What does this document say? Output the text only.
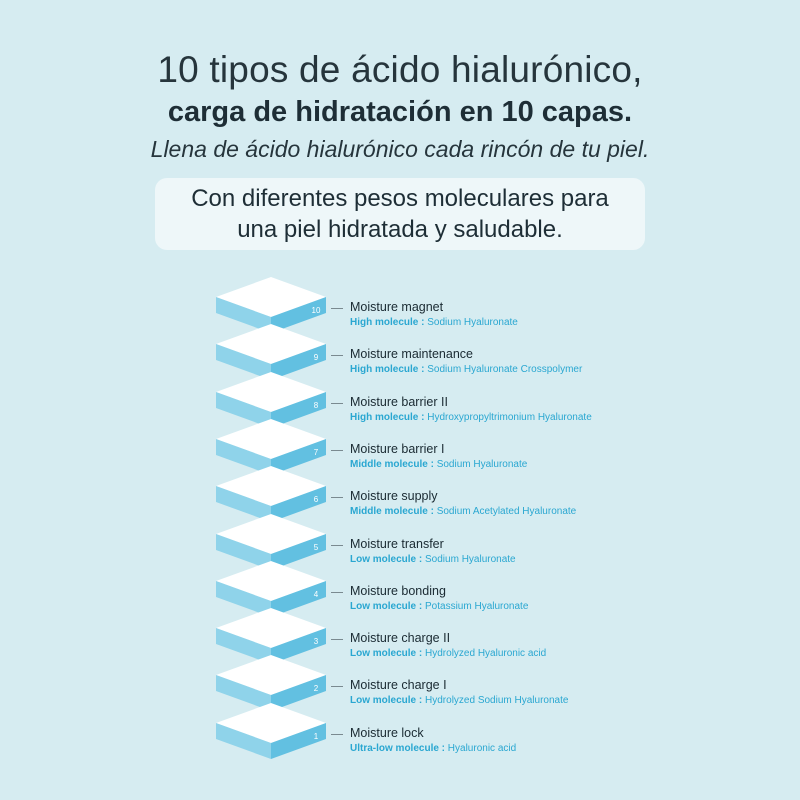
10 tipos de ácido hialurónico,
carga de hidratación en 10 capas.
Llena de ácido hialurónico cada rincón de tu piel.
Con diferentes pesos moleculares para
una piel hidratada y saludable.
10 Moisture magnet
High molecule : Sodium Hyaluronate
9	Moisture maintenance
High molecule : Sodium Hyaluronate Crosspolymer
8	Moisture barrier II
High molecule : Hydroxypropyltrimonium Hyaluronate
7	Moisture barrier I
Middle molecule : Sodium Hyaluronate
6	Moisture supply
Middle molecule : Sodium Acetylated Hyaluronate
5	Moisture transfer
Low molecule : Sodium Hyaluronate
4	Moisture bonding
Low molecule : Potassium Hyaluronate
3	Moisture charge II
Low molecule : Hydrolyzed Hyaluronic acid
2	Moisture charge I
Low molecule : Hydrolyzed Sodium Hyaluronate
1	Moisture lock
Ultra-low molecule : Hyaluronic acid
